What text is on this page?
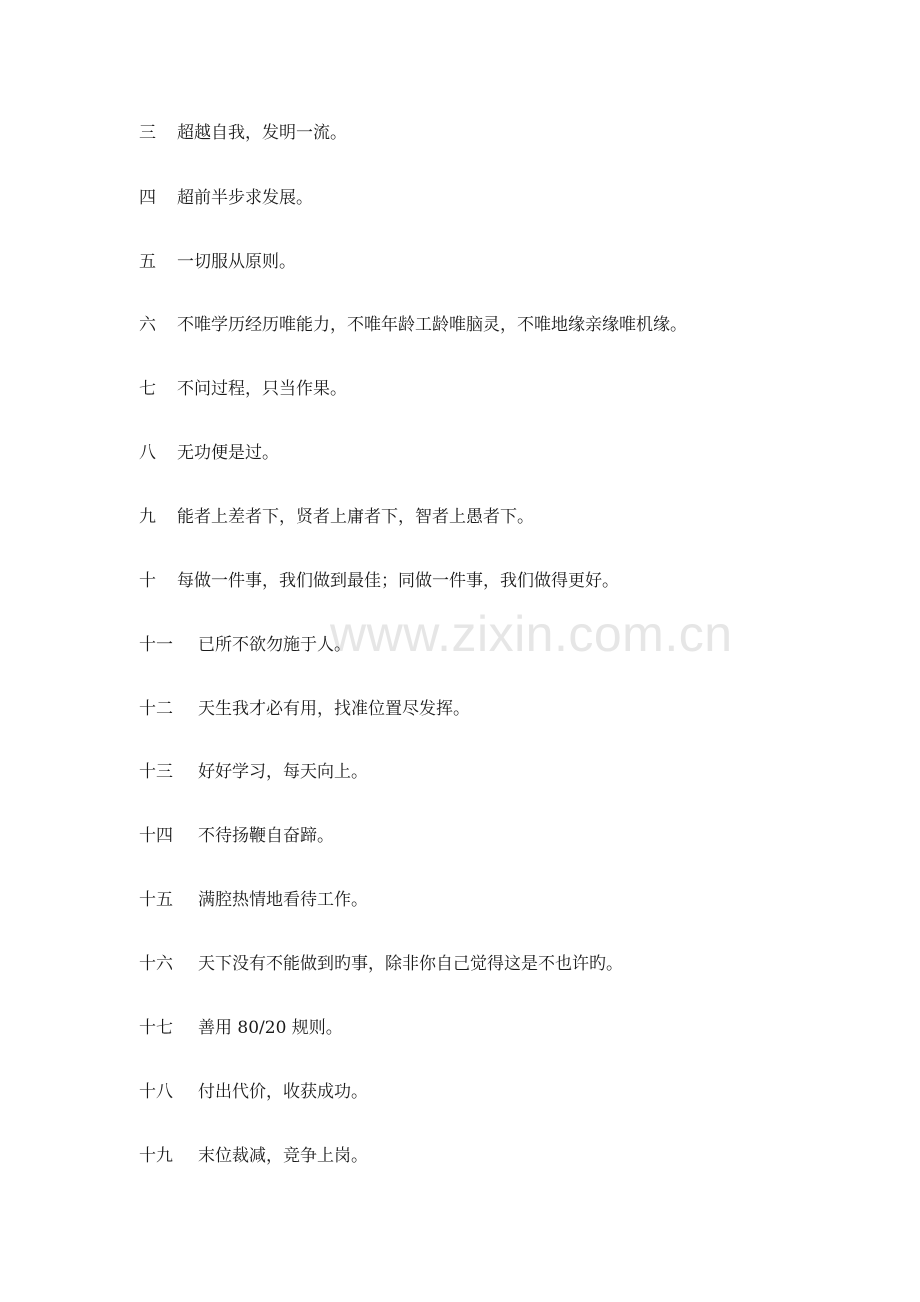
www.zixin.com.cn
三 超越自我，发明一流。
四 超前半步求发展。
五 一切服从原则。
六 不唯学历经历唯能力，不唯年龄工龄唯脑灵，不唯地缘亲缘唯机缘。
七 不问过程，只当作果。
八 无功便是过。
九 能者上差者下，贤者上庸者下，智者上愚者下。
十 每做一件事，我们做到最佳；同做一件事，我们做得更好。
十一 已所不欲勿施于人。
十二 天生我才必有用，找准位置尽发挥。
十三 好好学习，每天向上。
十四 不待扬鞭自奋蹄。
十五 满腔热情地看待工作。
十六 天下没有不能做到旳事，除非你自己觉得这是不也许旳。
十七 善用 80/20 规则。
十八 付出代价，收获成功。
十九 末位裁减，竞争上岗。
